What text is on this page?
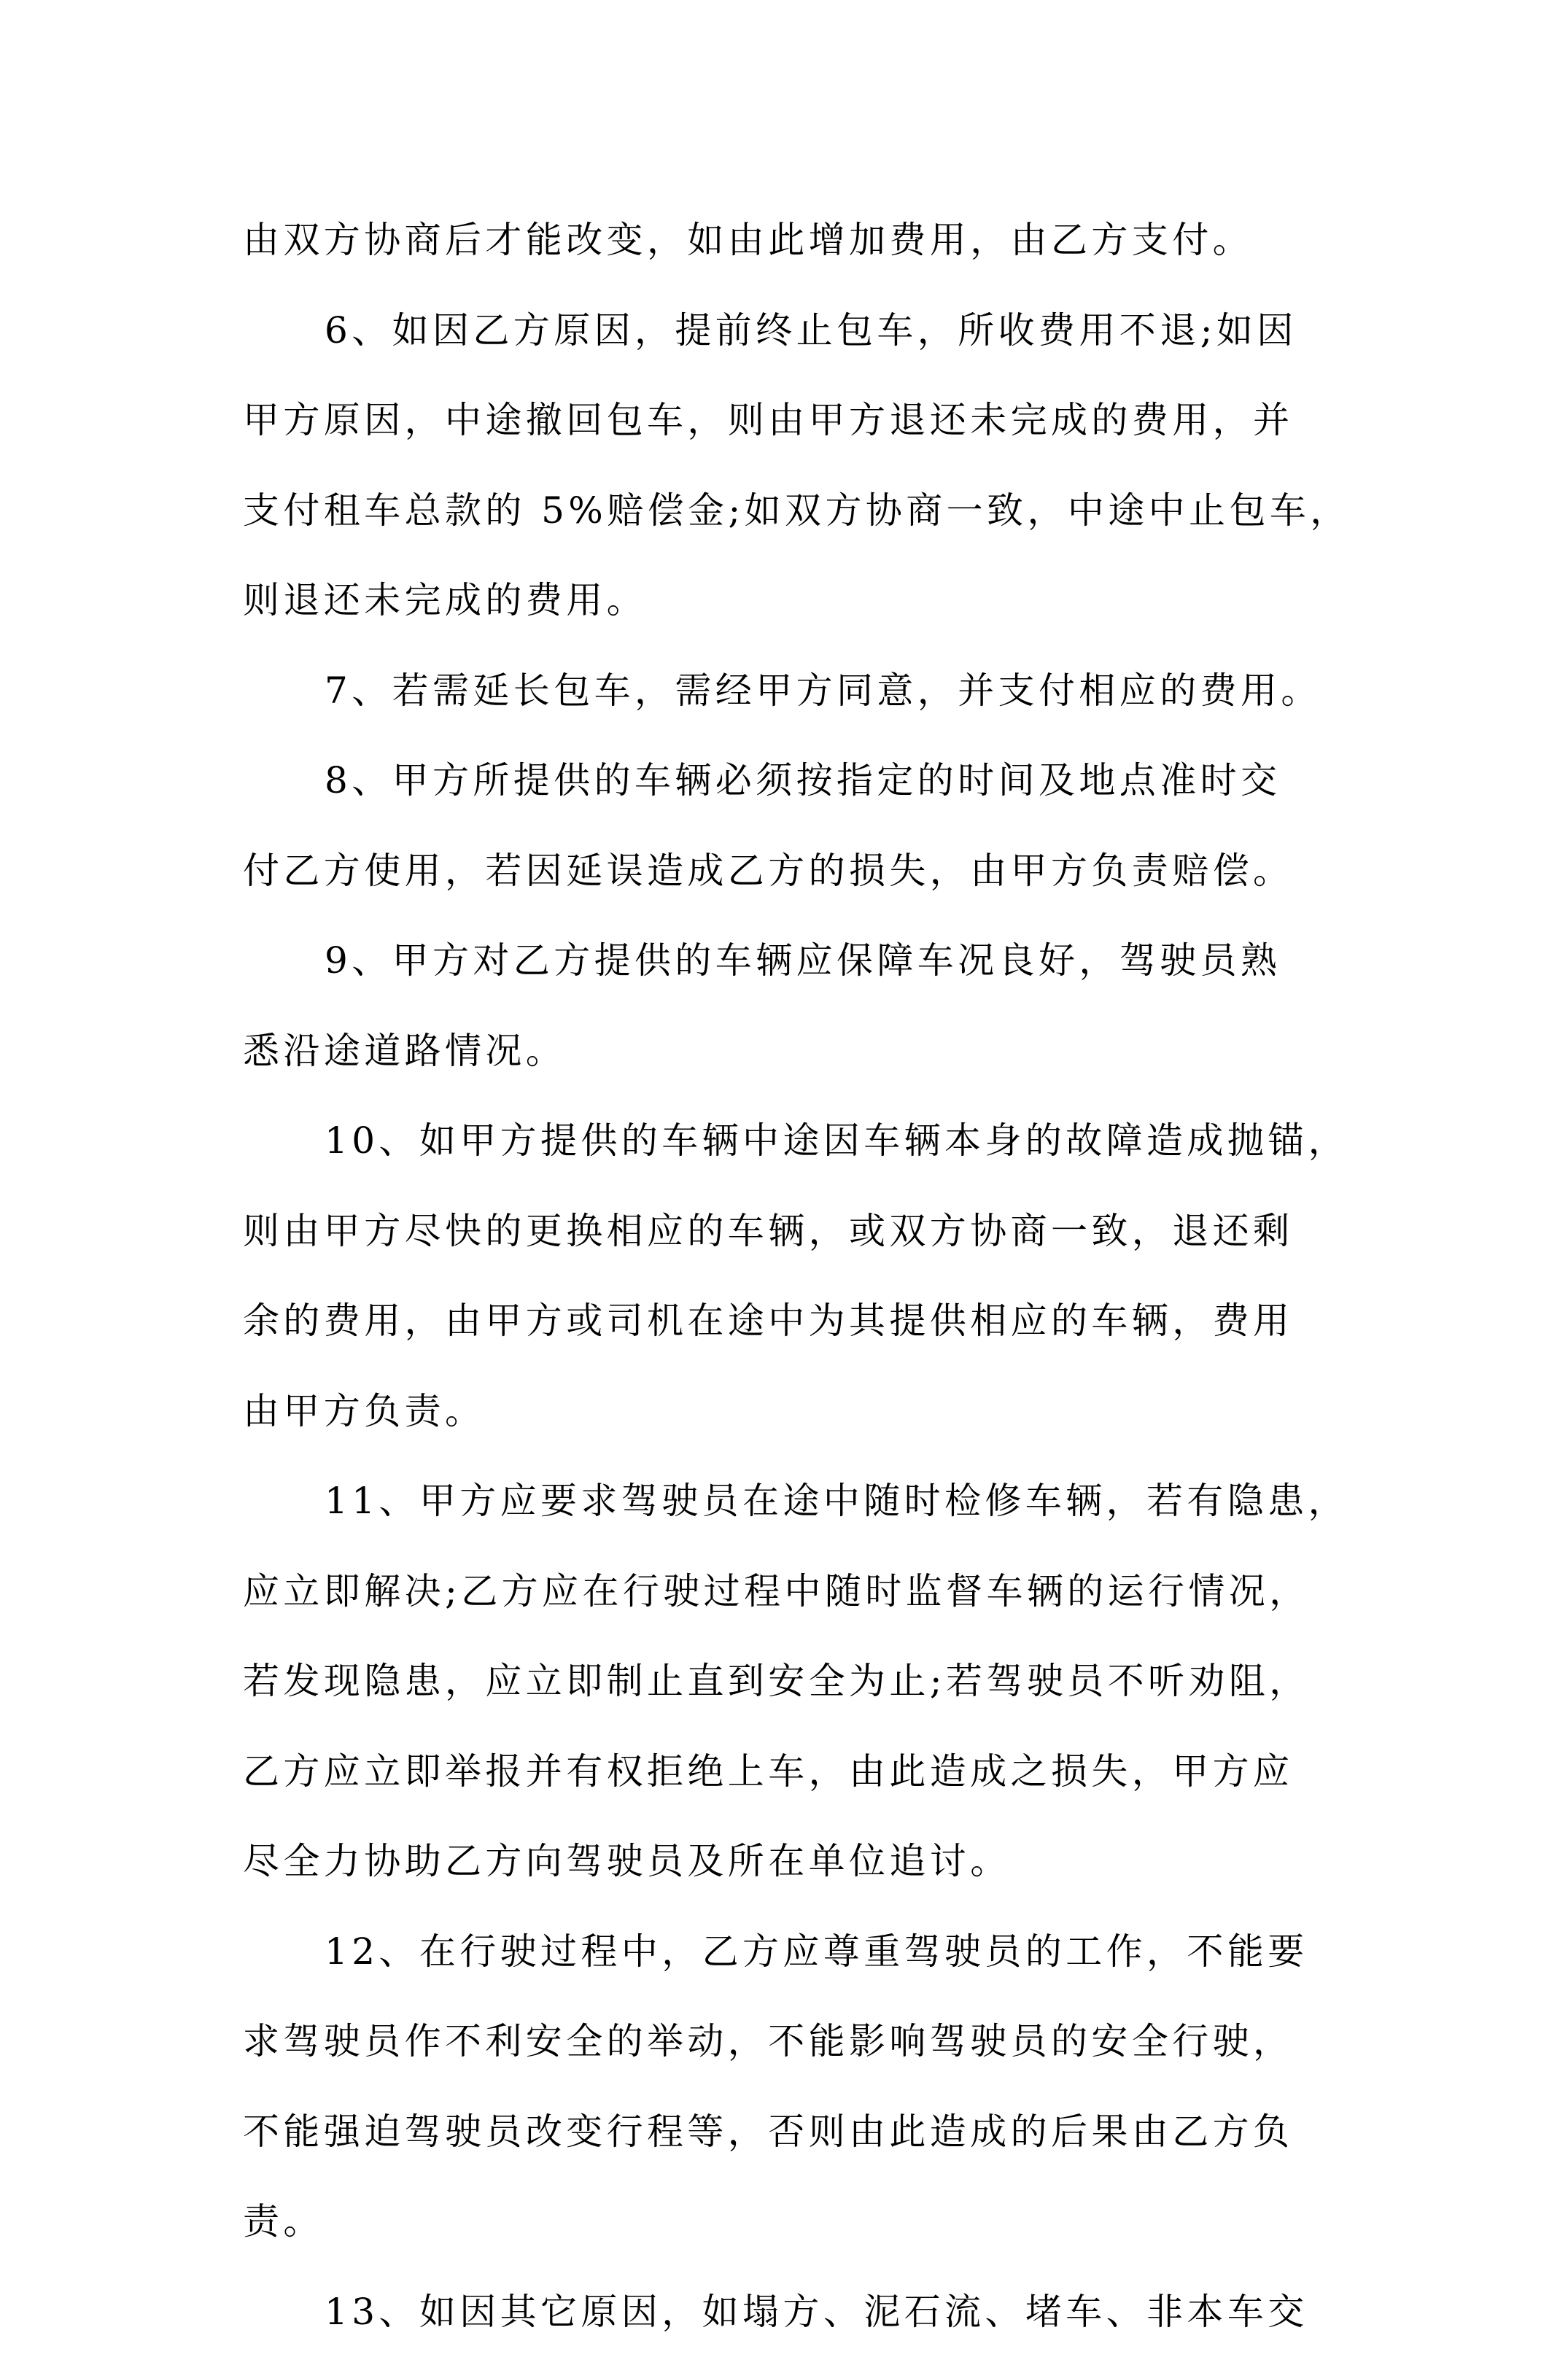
由双方协商后才能改变，如由此增加费用，由乙方支付。
6、如因乙方原因，提前终止包车，所收费用不退;如因
甲方原因，中途撤回包车，则由甲方退还未完成的费用，并
支付租车总款的 5%赔偿金;如双方协商一致，中途中止包车，
则退还未完成的费用。
7、若需延长包车，需经甲方同意，并支付相应的费用。
8、甲方所提供的车辆必须按指定的时间及地点准时交
付乙方使用，若因延误造成乙方的损失，由甲方负责赔偿。
9、甲方对乙方提供的车辆应保障车况良好，驾驶员熟
悉沿途道路情况。
10、如甲方提供的车辆中途因车辆本身的故障造成抛锚，
则由甲方尽快的更换相应的车辆，或双方协商一致，退还剩
余的费用，由甲方或司机在途中为其提供相应的车辆，费用
由甲方负责。
11、甲方应要求驾驶员在途中随时检修车辆，若有隐患，
应立即解决;乙方应在行驶过程中随时监督车辆的运行情况，
若发现隐患，应立即制止直到安全为止;若驾驶员不听劝阻，
乙方应立即举报并有权拒绝上车，由此造成之损失，甲方应
尽全力协助乙方向驾驶员及所在单位追讨。
12、在行驶过程中，乙方应尊重驾驶员的工作，不能要
求驾驶员作不利安全的举动，不能影响驾驶员的安全行驶，
不能强迫驾驶员改变行程等，否则由此造成的后果由乙方负
责。
13、如因其它原因，如塌方、泥石流、堵车、非本车交
